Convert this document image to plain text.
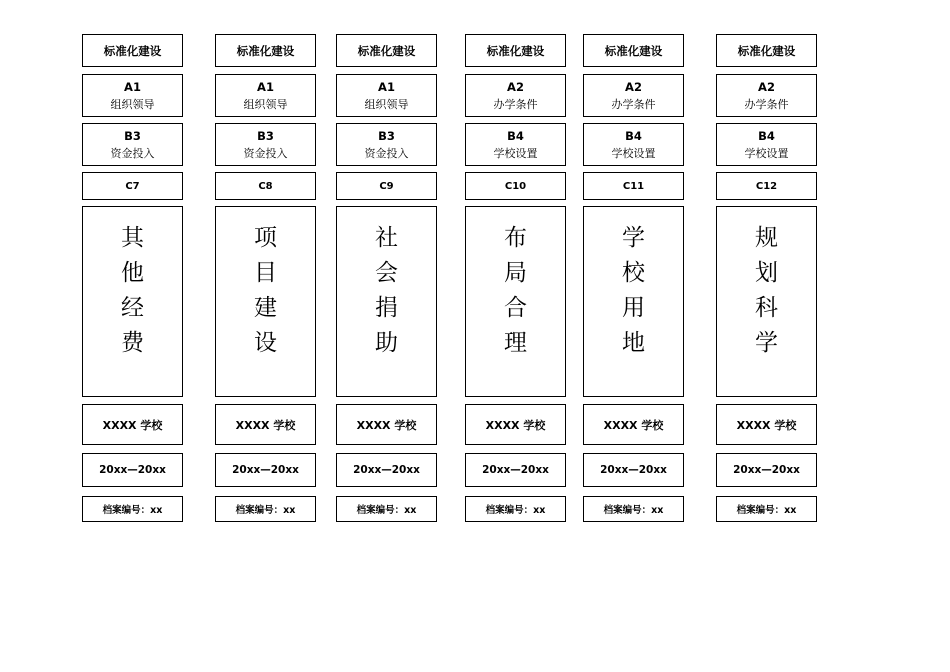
标准化建设
A1
组织领导
B3
资金投入
C7
其
他
经
费
XXXX 学校
20xx—20xx
档案编号：xx
标准化建设
A1
组织领导
B3
资金投入
C8
项
目
建
设
XXXX 学校
20xx—20xx
档案编号：xx
标准化建设
A1
组织领导
B3
资金投入
C9
社
会
捐
助
XXXX 学校
20xx—20xx
档案编号：xx
标准化建设
A2
办学条件
B4
学校设置
C10
布
局
合
理
XXXX 学校
20xx—20xx
档案编号：xx
标准化建设
A2
办学条件
B4
学校设置
C11
学
校
用
地
XXXX 学校
20xx—20xx
档案编号：xx
标准化建设
A2
办学条件
B4
学校设置
C12
规
划
科
学
XXXX 学校
20xx—20xx
档案编号：xx
